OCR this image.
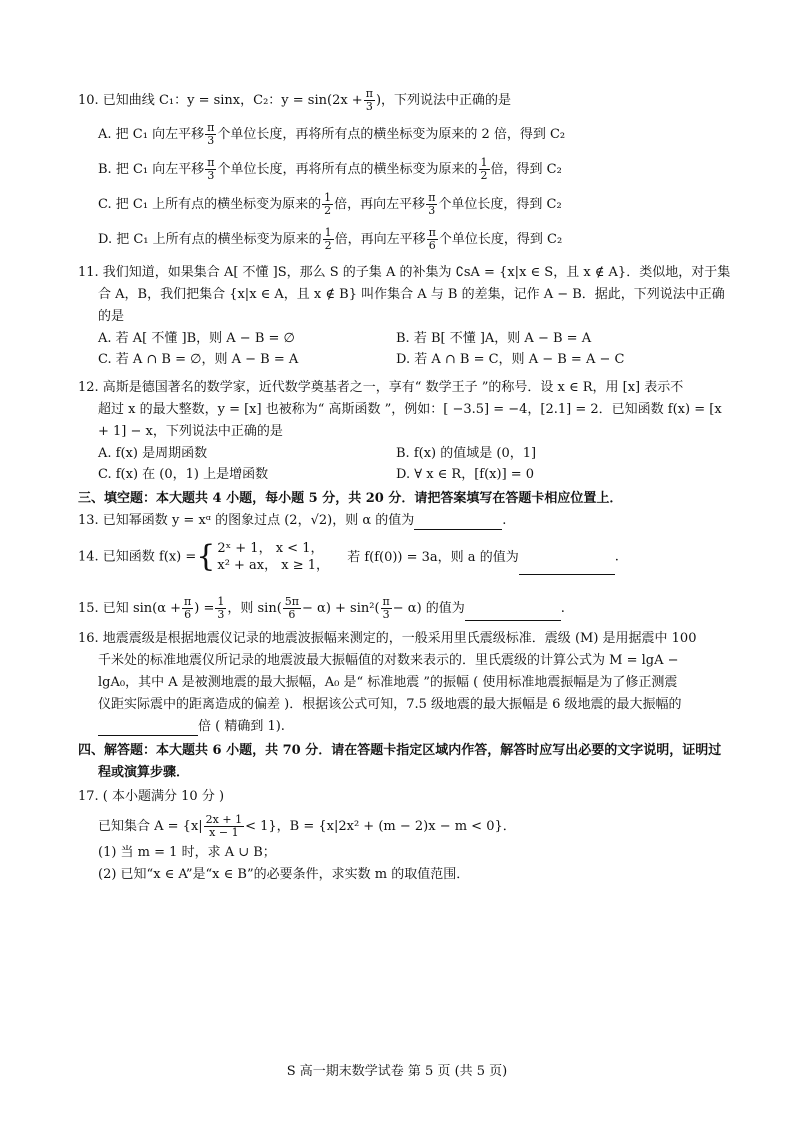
10. 已知曲线 C₁：y = sinx，C₂：$y = \sin(2x + \frac{\pi}{3}$ )，下列说法中正确的是
A. 把 C₁ 向左平移 $\frac{\pi}{3}$ 个单位长度，再将所有点的横坐标变为原来的 2 倍，得到 C₂
B. 把 C₁ 向左平移 $\frac{\pi}{3}$ 个单位长度，再将所有点的横坐标变为原来的 $\frac{1}{2}$ 倍，得到 C₂
C. 把 C₁ 上所有点的横坐标变为原来的 $\frac{1}{2}$ 倍，再向左平移 $\frac{\pi}{3}$ 个单位长度，得到 C₂
D. 把 C₁ 上所有点的横坐标变为原来的 $\frac{1}{2}$ 倍，再向左平移 $\frac{\pi}{6}$ 个单位长度，得到 C₂
11. 我们知道，如果集合 A[ 不懂 ]S，那么 S 的子集 A 的补集为 ∁sA = {x|x ∈ S，且 x ∉ A}．类似地，对于集
合 A，B，我们把集合 {x|x ∈ A，且 x ∉ B} 叫作集合 A 与 B 的差集，记作 A − B．据此，下列说法中正确
的是
A. 若 A[ 不懂 ]B，则 A − B = ∅	B. 若 B[ 不懂 ]A，则 A − B = A
C. 若 A ∩ B = ∅，则 A − B = A	D. 若 A ∩ B = C，则 A − B = A − C
12. 高斯是德国著名的数学家，近代数学奠基者之一，享有“ 数学王子 ”的称号．设 x ∈ R，用 [x] 表示不
超过 x 的最大整数，y = [x] 也被称为“ 高斯函数 ”，例如：[ −3.5] = −4，[2.1] = 2．已知函数 f(x) = [x
+ 1] − x，下列说法中正确的是
A. f(x) 是周期函数	B. f(x) 的值域是 (0，1]
C. f(x) 在 (0，1) 上是增函数	D. ∀ x ∈ R，[f(x)] = 0
三、填空题：本大题共 4 小题，每小题 5 分，共 20 分．请把答案填写在答题卡相应位置上．
13. 已知幂函数 y = xᵅ 的图象过点 (2，√2)，则 α 的值为	.
14. 已知函数 f(x) ={ 2ˣ + 1， x < 1，
x² + ax， x ≥ 1，
若 f(f(0)) = 3a，则 a 的值为	.
15. 已知 $\sin(\alpha + \frac{\pi}{6}$ ) = $\frac{1}{3}$ ，则 $\sin( \frac{5\pi}{6} - \alpha) + \sin^2( \frac{\pi}{3} - \alpha)$ 的值为	.
16. 地震震级是根据地震仪记录的地震波振幅来测定的，一般采用里氏震级标准．震级 (M) 是用据震中 100
千米处的标准地震仪所记录的地震波最大振幅值的对数来表示的．里氏震级的计算公式为 M = lgA −
lgA₀，其中 A 是被测地震的最大振幅，A₀ 是“ 标准地震 ”的振幅 ( 使用标准地震振幅是为了修正测震
仪距实际震中的距离造成的偏差 )．根据该公式可知，7.5 级地震的最大振幅是 6 级地震的最大振幅的
倍 ( 精确到 1).
四、解答题：本大题共 6 小题，共 70 分．请在答题卡指定区域内作答，解答时应写出必要的文字说明，证明过
程或演算步骤．
17. ( 本小题满分 10 分 )
已知集合 $A = \{x| \frac{2x + 1}{x - 1} < 1\}$，B = {x|2x² + (m − 2)x − m < 0}．
(1) 当 m = 1 时，求 A ∪ B；
(2) 已知“x ∈ A”是“x ∈ B”的必要条件，求实数 m 的取值范围．
S 高一期末数学试卷 第 5 页 (共 5 页)
